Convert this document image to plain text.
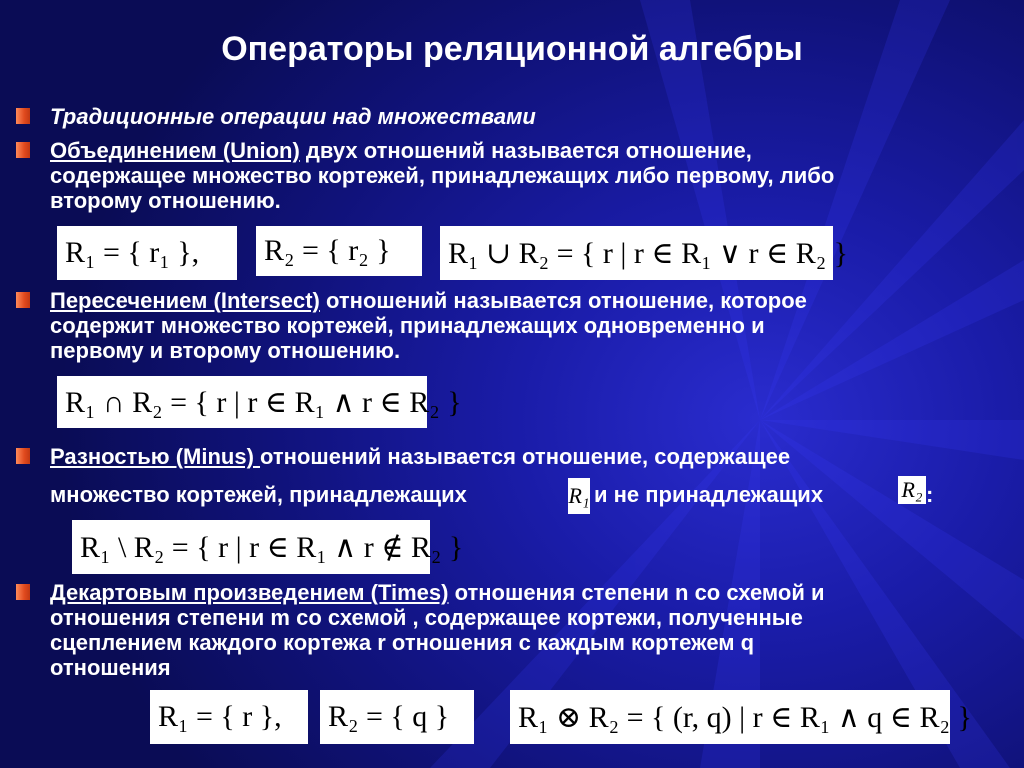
Операторы реляционной алгебры
Традиционные операции над множествами
Объединением (Union) двух отношений называется отношение,
содержащее множество кортежей, принадлежащих либо первому, либо
второму отношению.
R₁ = { r₁ },	R₂ = { r₂ }	R₁ ∪ R₂ = { r | r ∈ R₁ ∨ r ∈ R₂ }
Пересечением (Intersect) отношений называется отношение, которое
содержит множество кортежей, принадлежащих одновременно и
первому и второму отношению.
R₁ ∩ R₂ = { r | r ∈ R₁ ∧ r ∈ R₂ }
Разностью (Minus) отношений называется отношение, содержащее
множество кортежей, принадлежащих	R₁ и не принадлежащих	R₂ :
R₁ \ R₂ = { r | r ∈ R₁ ∧ r ∉ R₂ }
Декартовым произведением (Times) отношения степени n со схемой и
отношения степени m со схемой , содержащее кортежи, полученные
сцеплением каждого кортежа r отношения с каждым кортежем q
отношения
R₁ = { r },	R₂ = { q }	R₁ ⊗ R₂ = { (r, q) | r ∈ R₁ ∧ q ∈ R₂ }
